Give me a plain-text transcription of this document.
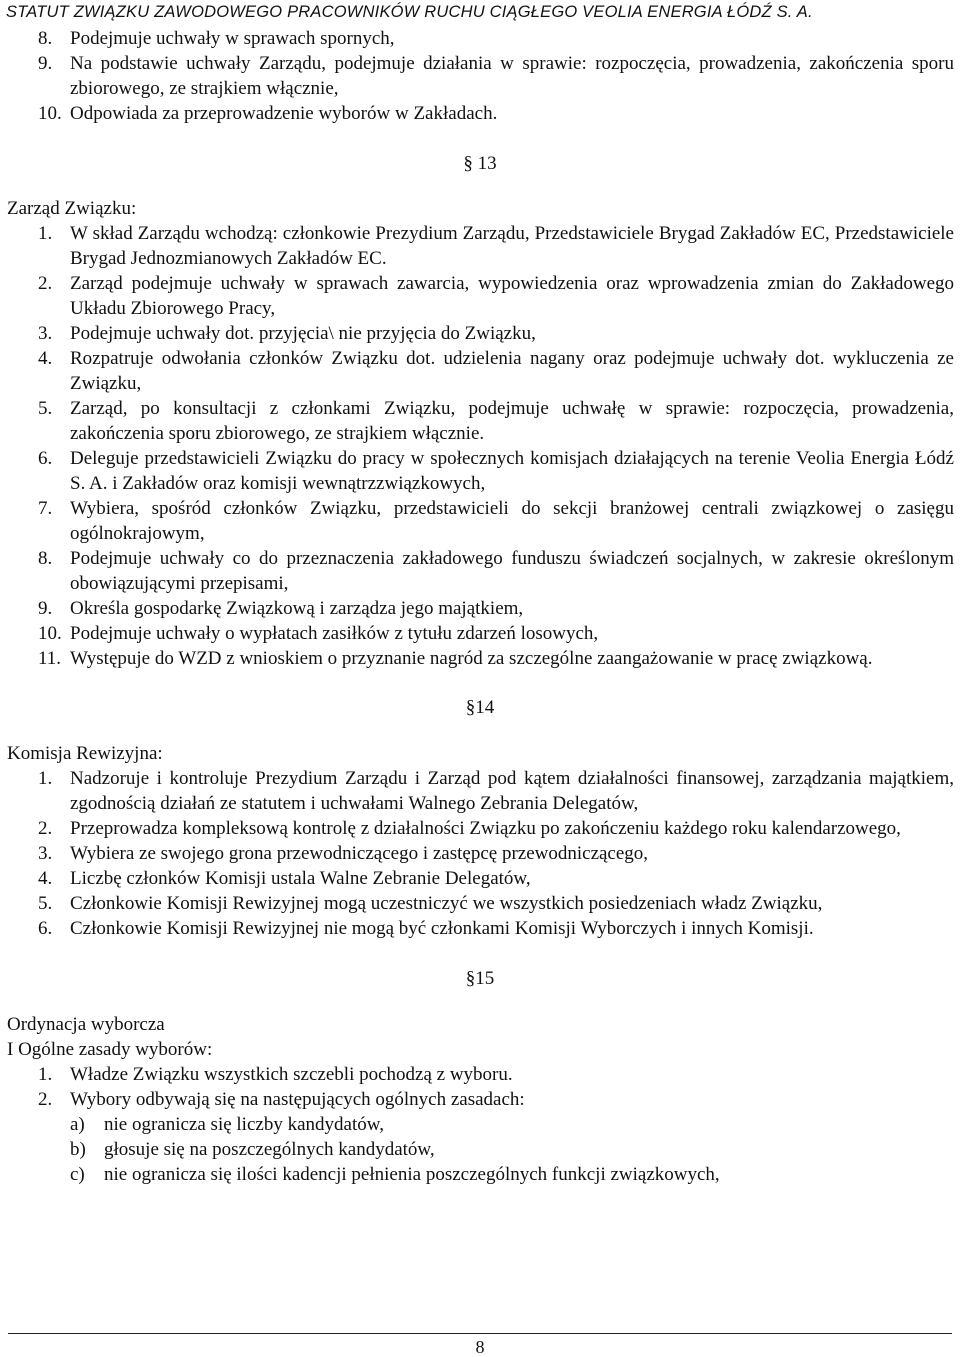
STATUT ZWIĄZKU ZAWODOWEGO PRACOWNIKÓW RUCHU CIĄGŁEGO VEOLIA ENERGIA ŁÓDŹ S. A.
8. Podejmuje uchwały w sprawach spornych,
9. Na podstawie uchwały Zarządu, podejmuje działania w sprawie: rozpoczęcia, prowadzenia, zakończenia sporu zbiorowego, ze strajkiem włącznie,
10. Odpowiada za przeprowadzenie wyborów w Zakładach.
§ 13
Zarząd Związku:
1. W skład Zarządu wchodzą: członkowie Prezydium Zarządu, Przedstawiciele Brygad Zakładów EC, Przedstawiciele Brygad Jednozmianowych Zakładów EC.
2. Zarząd podejmuje uchwały w sprawach zawarcia, wypowiedzenia oraz wprowadzenia zmian do Zakładowego Układu Zbiorowego Pracy,
3. Podejmuje uchwały dot. przyjęcia\ nie przyjęcia do Związku,
4. Rozpatruje odwołania członków Związku dot. udzielenia nagany oraz podejmuje uchwały dot. wykluczenia ze Związku,
5. Zarząd, po konsultacji z członkami Związku, podejmuje uchwałę w sprawie: rozpoczęcia, prowadzenia, zakończenia sporu zbiorowego, ze strajkiem włącznie.
6. Deleguje przedstawicieli Związku do pracy w społecznych komisjach działających na terenie Veolia Energia Łódź S. A. i Zakładów oraz komisji wewnątrzzwiązkowych,
7. Wybiera, spośród członków Związku, przedstawicieli do sekcji branżowej centrali związkowej o zasięgu ogólnokrajowym,
8. Podejmuje uchwały co do przeznaczenia zakładowego funduszu świadczeń socjalnych, w zakresie określonym obowiązującymi przepisami,
9. Określa gospodarkę Związkową i zarządza jego majątkiem,
10. Podejmuje uchwały o wypłatach zasiłków z tytułu zdarzeń losowych,
11. Występuje do WZD z wnioskiem o przyznanie nagród za szczególne zaangażowanie w pracę związkową.
§14
Komisja Rewizyjna:
1. Nadzoruje i kontroluje Prezydium Zarządu i Zarząd pod kątem działalności finansowej, zarządzania majątkiem, zgodnością działań ze statutem i uchwałami Walnego Zebrania Delegatów,
2. Przeprowadza kompleksową kontrolę z działalności Związku po zakończeniu każdego roku kalendarzowego,
3. Wybiera ze swojego grona przewodniczącego i zastępcę przewodniczącego,
4. Liczbę członków Komisji ustala Walne Zebranie Delegatów,
5. Członkowie Komisji Rewizyjnej mogą uczestniczyć we wszystkich posiedzeniach władz Związku,
6. Członkowie Komisji Rewizyjnej nie mogą być członkami Komisji Wyborczych i innych Komisji.
§15
Ordynacja wyborcza
I Ogólne zasady wyborów:
1. Władze Związku wszystkich szczebli pochodzą z wyboru.
2. Wybory odbywają się na następujących ogólnych zasadach:
a) nie ogranicza się liczby kandydatów,
b) głosuje się na poszczególnych kandydatów,
c) nie ogranicza się ilości kadencji pełnienia poszczególnych funkcji związkowych,
8
